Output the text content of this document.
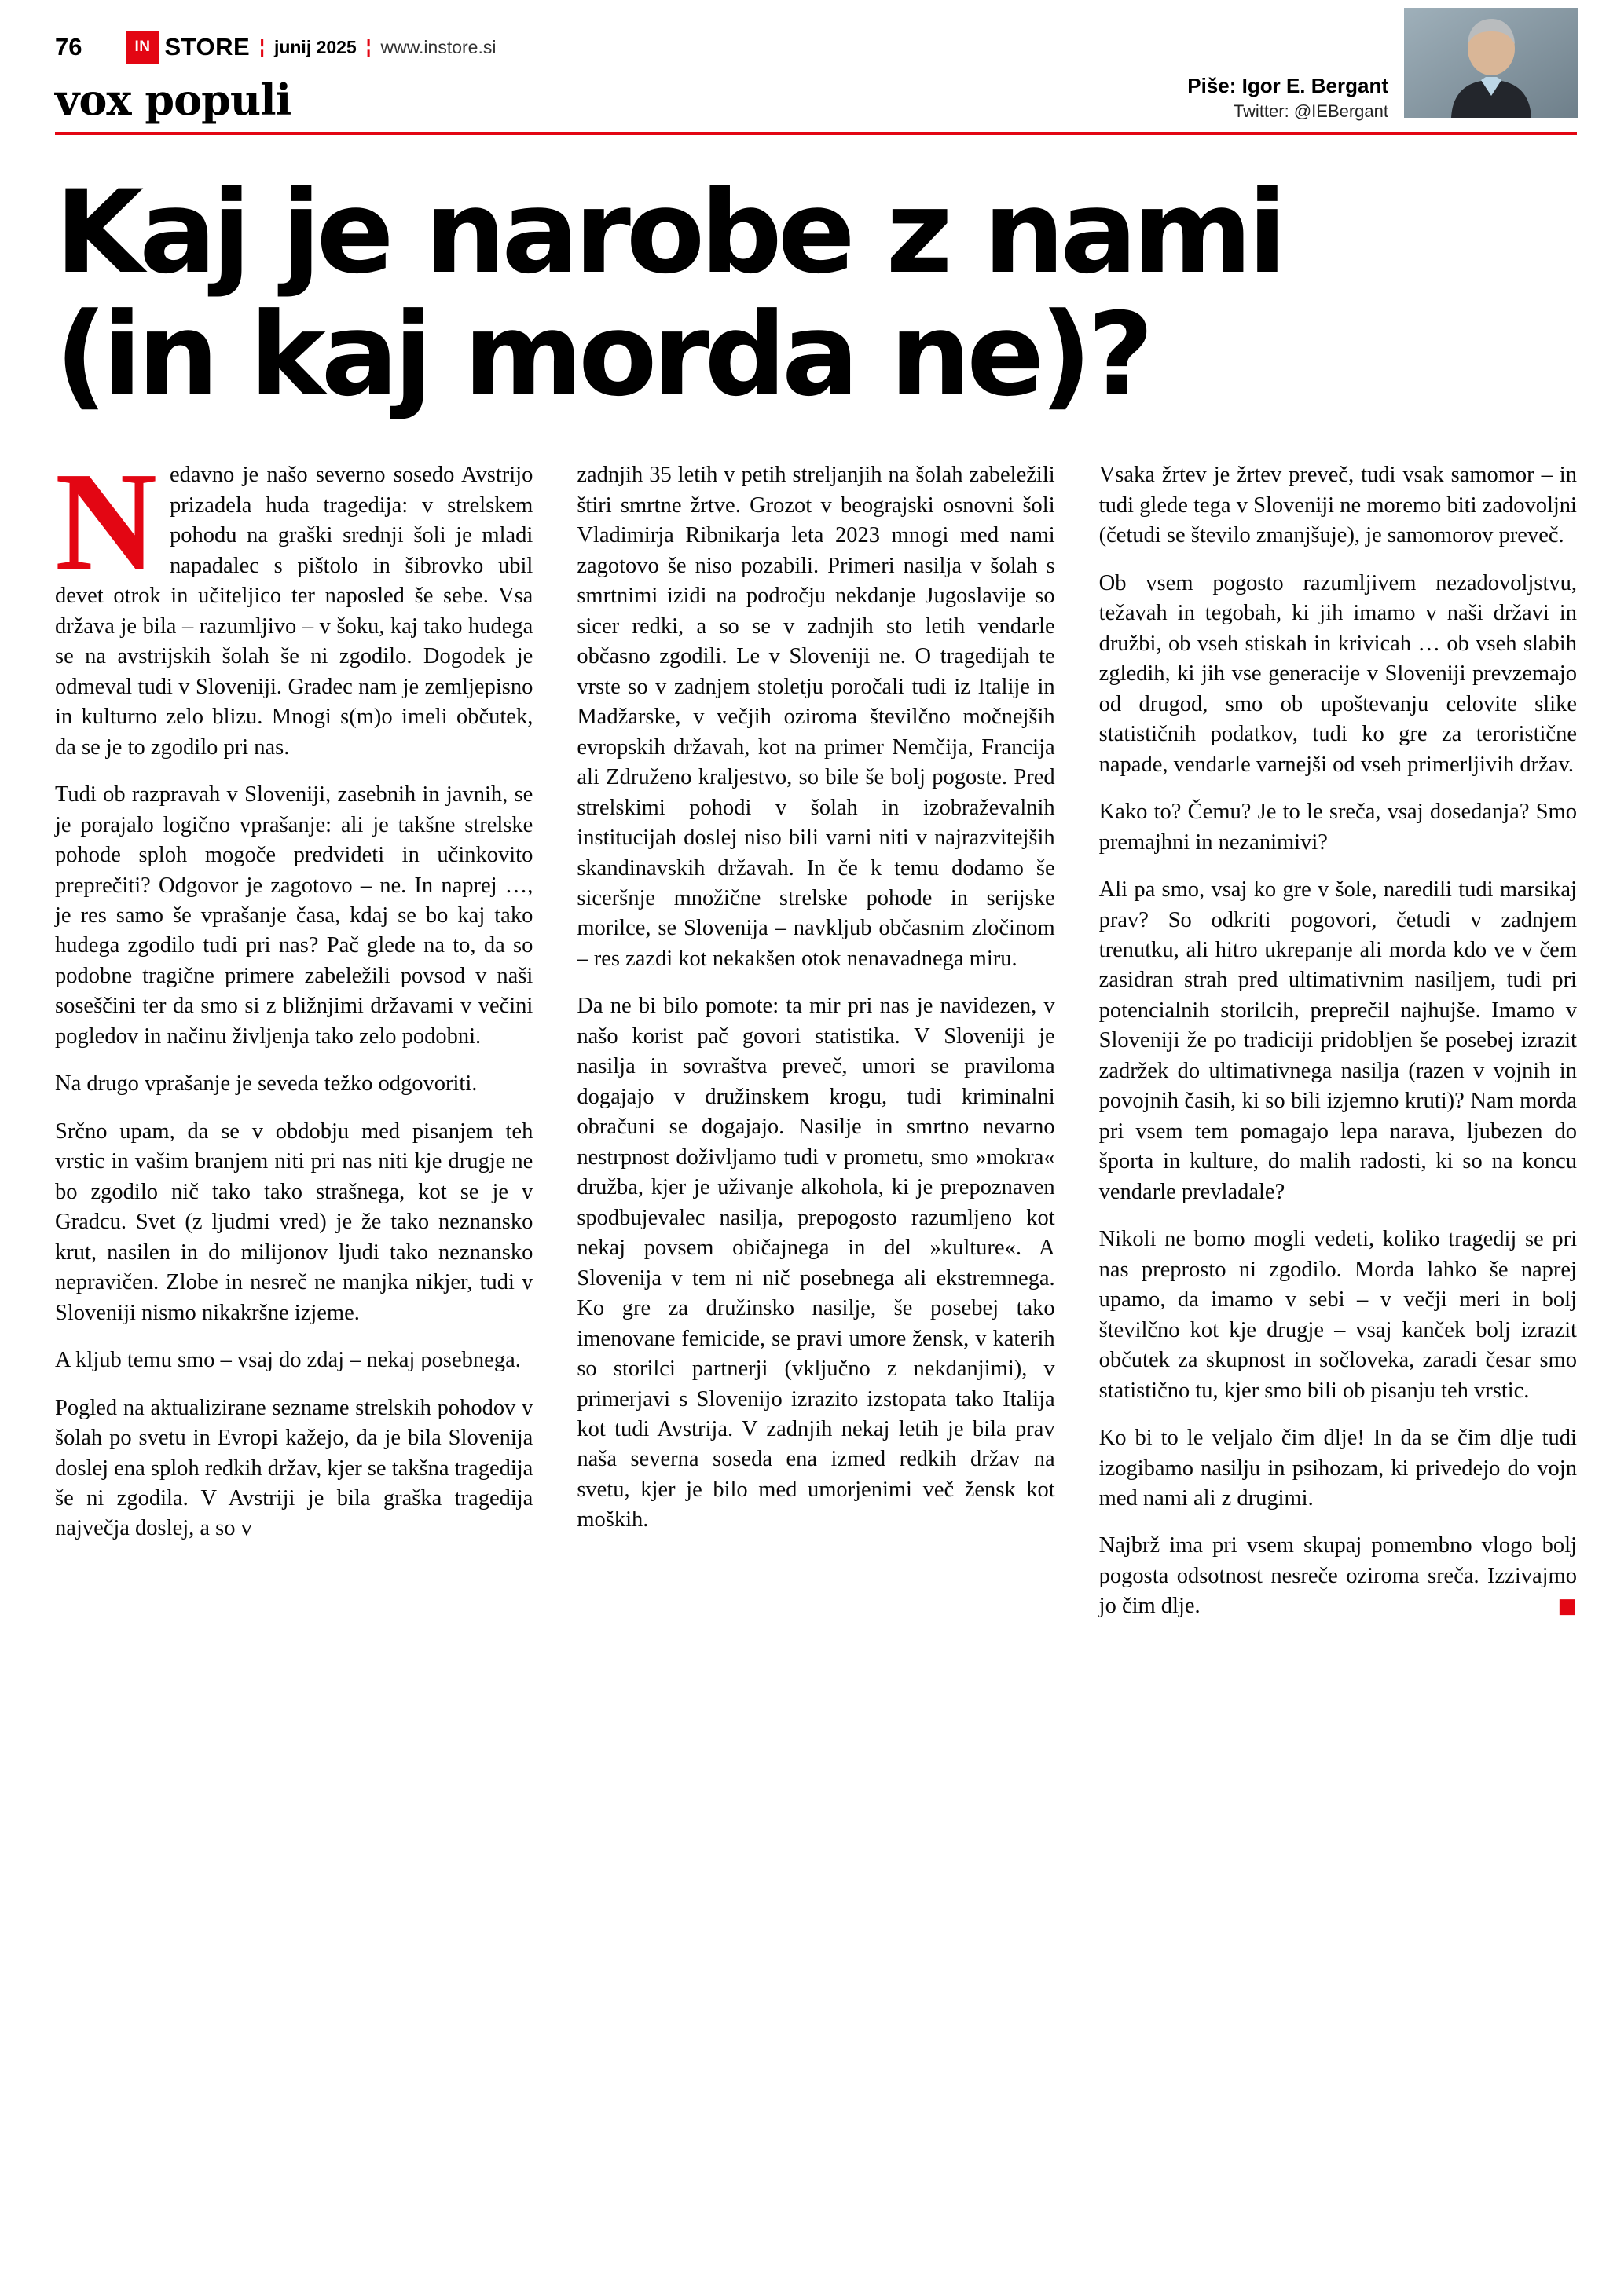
76	IN STORE ¦ junij 2025 ¦ www.instore.si
vox populi	Piše: Igor E. Bergant
Twitter: @IEBergant
Kaj je narobe z nami
(in kaj morda ne)?

Nedavno je našo severno sosedo Avstrijo prizadela huda tragedija: v strelskem pohodu na graški srednji šoli je mladi napadalec s pištolo in šibrovko ubil devet otrok in učiteljico ter naposled še sebe. Vsa država je bila – razumljivo – v šoku, kaj tako hudega se na avstrijskih šolah še ni zgodilo. Dogodek je odmeval tudi v Sloveniji. Gradec nam je zemljepisno in kulturno zelo blizu. Mnogi s(m)o imeli občutek, da se je to zgodilo pri nas.

Tudi ob razpravah v Sloveniji, zasebnih in javnih, se je porajalo logično vprašanje: ali je takšne strelske pohode sploh mogoče predvideti in učinkovito preprečiti? Odgovor je zagotovo – ne. In naprej …, je res samo še vprašanje časa, kdaj se bo kaj tako hudega zgodilo tudi pri nas? Pač glede na to, da so podobne tragične primere zabeležili povsod v naši soseščini ter da smo si z bližnjimi državami v večini pogledov in načinu življenja tako zelo podobni.

Na drugo vprašanje je seveda težko odgovoriti.

Srčno upam, da se v obdobju med pisanjem teh vrstic in vašim branjem niti pri nas niti kje drugje ne bo zgodilo nič tako tako strašnega, kot se je v Gradcu. Svet (z ljudmi vred) je že tako neznansko krut, nasilen in do milijonov ljudi tako neznansko nepravičen. Zlobe in nesreč ne manjka nikjer, tudi v Sloveniji nismo nikakršne izjeme.

A kljub temu smo – vsaj do zdaj – nekaj posebnega.

Pogled na aktualizirane sezname strelskih pohodov v šolah po svetu in Evropi kažejo, da je bila Slovenija doslej ena sploh redkih držav, kjer se takšna tragedija še ni zgodila. V Avstriji je bila graška tragedija največja doslej, a so v

zadnjih 35 letih v petih streljanjih na šolah zabeležili štiri smrtne žrtve. Grozot v beograjski osnovni šoli Vladimirja Ribnikarja leta 2023 mnogi med nami zagotovo še niso pozabili. Primeri nasilja v šolah s smrtnimi izidi na področju nekdanje Jugoslavije so sicer redki, a so se v zadnjih sto letih vendarle občasno zgodili. Le v Sloveniji ne. O tragedijah te vrste so v zadnjem stoletju poročali tudi iz Italije in Madžarske, v večjih oziroma številčno močnejših evropskih državah, kot na primer Nemčija, Francija ali Združeno kraljestvo, so bile še bolj pogoste. Pred strelskimi pohodi v šolah in izobraževalnih institucijah doslej niso bili varni niti v najrazvitejših skandinavskih državah. In če k temu dodamo še siceršnje množične strelske pohode in serijske morilce, se Slovenija – navkljub občasnim zločinom – res zazdi kot nekakšen otok nenavadnega miru.

Da ne bi bilo pomote: ta mir pri nas je navidezen, v našo korist pač govori statistika. V Sloveniji je nasilja in sovraštva preveč, umori se praviloma dogajajo v družinskem krogu, tudi kriminalni obračuni se dogajajo. Nasilje in smrtno nevarno nestrpnost doživljamo tudi v prometu, smo »mokra« družba, kjer je uživanje alkohola, ki je prepoznaven spodbujevalec nasilja, prepogosto razumljeno kot nekaj povsem običajnega in del »kulture«. A Slovenija v tem ni nič posebnega ali ekstremnega. Ko gre za družinsko nasilje, še posebej tako imenovane femicide, se pravi umore žensk, v katerih so storilci partnerji (vključno z nekdanjimi), v primerjavi s Slovenijo izrazito izstopata tako Italija kot tudi Avstrija. V zadnjih nekaj letih je bila prav naša severna soseda ena izmed redkih držav na svetu, kjer je bilo med umorjenimi več žensk kot moških.

Vsaka žrtev je žrtev preveč, tudi vsak samomor – in tudi glede tega v Sloveniji ne moremo biti zadovoljni (četudi se število zmanjšuje), je samomorov preveč.

Ob vsem pogosto razumljivem nezadovoljstvu, težavah in tegobah, ki jih imamo v naši državi in družbi, ob vseh stiskah in krivicah … ob vseh slabih zgledih, ki jih vse generacije v Sloveniji prevzemajo od drugod, smo ob upoštevanju celovite slike statističnih podatkov, tudi ko gre za teroristične napade, vendarle varnejši od vseh primerljivih držav.

Kako to? Čemu? Je to le sreča, vsaj dosedanja? Smo premajhni in nezanimivi?

Ali pa smo, vsaj ko gre v šole, naredili tudi marsikaj prav? So odkriti pogovori, četudi v zadnjem trenutku, ali hitro ukrepanje ali morda kdo ve v čem zasidran strah pred ultimativnim nasiljem, tudi pri potencialnih storilcih, preprečil najhujše. Imamo v Sloveniji že po tradiciji pridobljen še posebej izrazit zadržek do ultimativnega nasilja (razen v vojnih in povojnih časih, ki so bili izjemno kruti)? Nam morda pri vsem tem pomagajo lepa narava, ljubezen do športa in kulture, do malih radosti, ki so na koncu vendarle prevladale?

Nikoli ne bomo mogli vedeti, koliko tragedij se pri nas preprosto ni zgodilo. Morda lahko še naprej upamo, da imamo v sebi – v večji meri in bolj številčno kot kje drugje – vsaj kanček bolj izrazit občutek za skupnost in sočloveka, zaradi česar smo statistično tu, kjer smo bili ob pisanju teh vrstic.

Ko bi to le veljalo čim dlje! In da se čim dlje tudi izogibamo nasilju in psihozam, ki privedejo do vojn med nami ali z drugimi.

Najbrž ima pri vsem skupaj pomembno vlogo bolj pogosta odsotnost nesreče oziroma sreča. Izzivajmo jo čim dlje.	■
